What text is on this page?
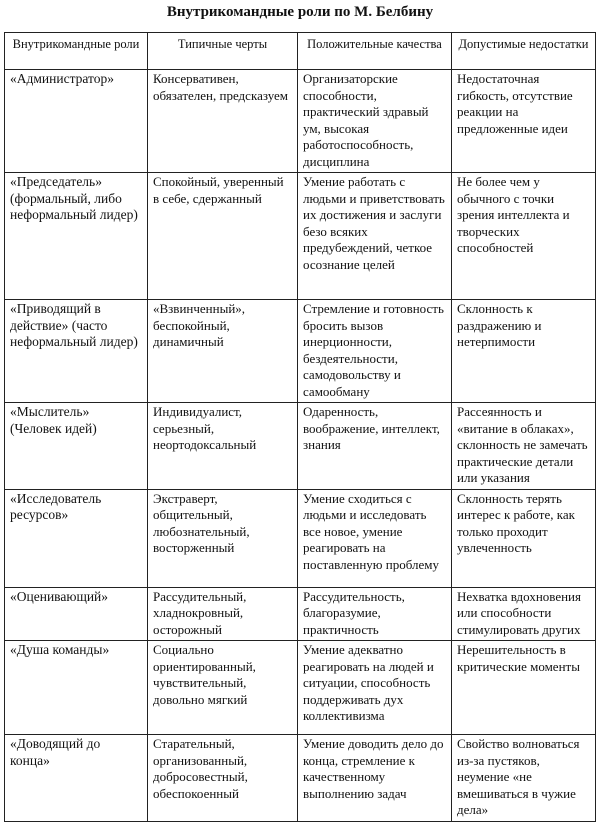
Внутрикомандные роли по М. Белбину
Внутрикомандные роли	Типичные черты	Положительные качества	Допустимые недостатки
«Администратор»	Консервативен, обязателен, предсказуем	Организаторские способности, практический здравый ум, высокая работоспособность, дисциплина	Недостаточная гибкость, отсутствие реакции на предложенные идеи
«Председатель» (формальный, либо неформальный лидер)	Спокойный, уверенный в себе, сдержанный	Умение работать с людьми и приветствовать их достижения и заслуги безо всяких предубеждений, четкое осознание целей	Не более чем у обычного с точки зрения интеллекта и творческих способностей
«Приводящий в действие» (часто неформальный лидер)	«Взвинченный», беспокойный, динамичный	Стремление и готовность бросить вызов инерционности, бездеятельности, самодовольству и самообману	Склонность к раздражению и нетерпимости
«Мыслитель» (Человек идей)	Индивидуалист, серьезный, неортодоксальный	Одаренность, воображение, интеллект, знания	Рассеянность и «витание в облаках», склонность не замечать практические детали или указания
«Исследователь ресурсов»	Экстраверт, общительный, любознательный, восторженный	Умение сходиться с людьми и исследовать все новое, умение реагировать на поставленную проблему	Склонность терять интерес к работе, как только проходит увлеченность
«Оценивающий»	Рассудительный, хладнокровный, осторожный	Рассудительность, благоразумие, практичность	Нехватка вдохновения или способности стимулировать других
«Душа команды»	Социально ориентированный, чувствительный, довольно мягкий	Умение адекватно реагировать на людей и ситуации, способность поддерживать дух коллективизма	Нерешительность в критические моменты
«Доводящий до конца»	Старательный, организованный, добросовестный, обеспокоенный	Умение доводить дело до конца, стремление к качественному выполнению задач	Свойство волноваться из-за пустяков, неумение «не вмешиваться в чужие дела»
